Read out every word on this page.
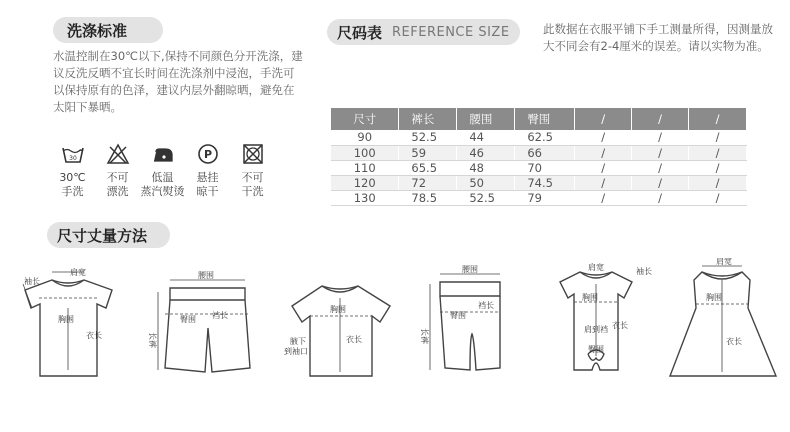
洗涤标准
水温控制在30℃以下,保持不同颜色分开洗涤，建议反洗反晒不宜长时间在洗涤剂中浸泡，手洗可以保持原有的色泽，建议内层外翻晾晒，避免在太阳下暴晒。
30
30℃
手洗
不可
漂洗
低温
蒸汽熨烫
P
悬挂
晾干
不可
干洗
尺码表 REFERENCE SIZE	此数据在衣服平铺下手工测量所得，因测量放大不同会有2-4厘米的误差。请以实物为准。
尺寸	裤长	腰围	臀围	/	/	/
90	52.5	44	62.5	/	/	/
100	59	46	66	/	/	/
110	65.5	48	70	/	/	/
120	72	50	74.5	/	/	/
130	78.5	52.5	79	/	/	/
尺寸丈量方法
肩宽
袖长
胸围
衣长
腰围
臀围 裆长
长裤
胸围
腋下
到袖口
衣长
腰围
臀围
裆长
长裤
肩宽	袖长
胸围
肩到裆
臀围
衣长
肩宽
胸围
衣长
